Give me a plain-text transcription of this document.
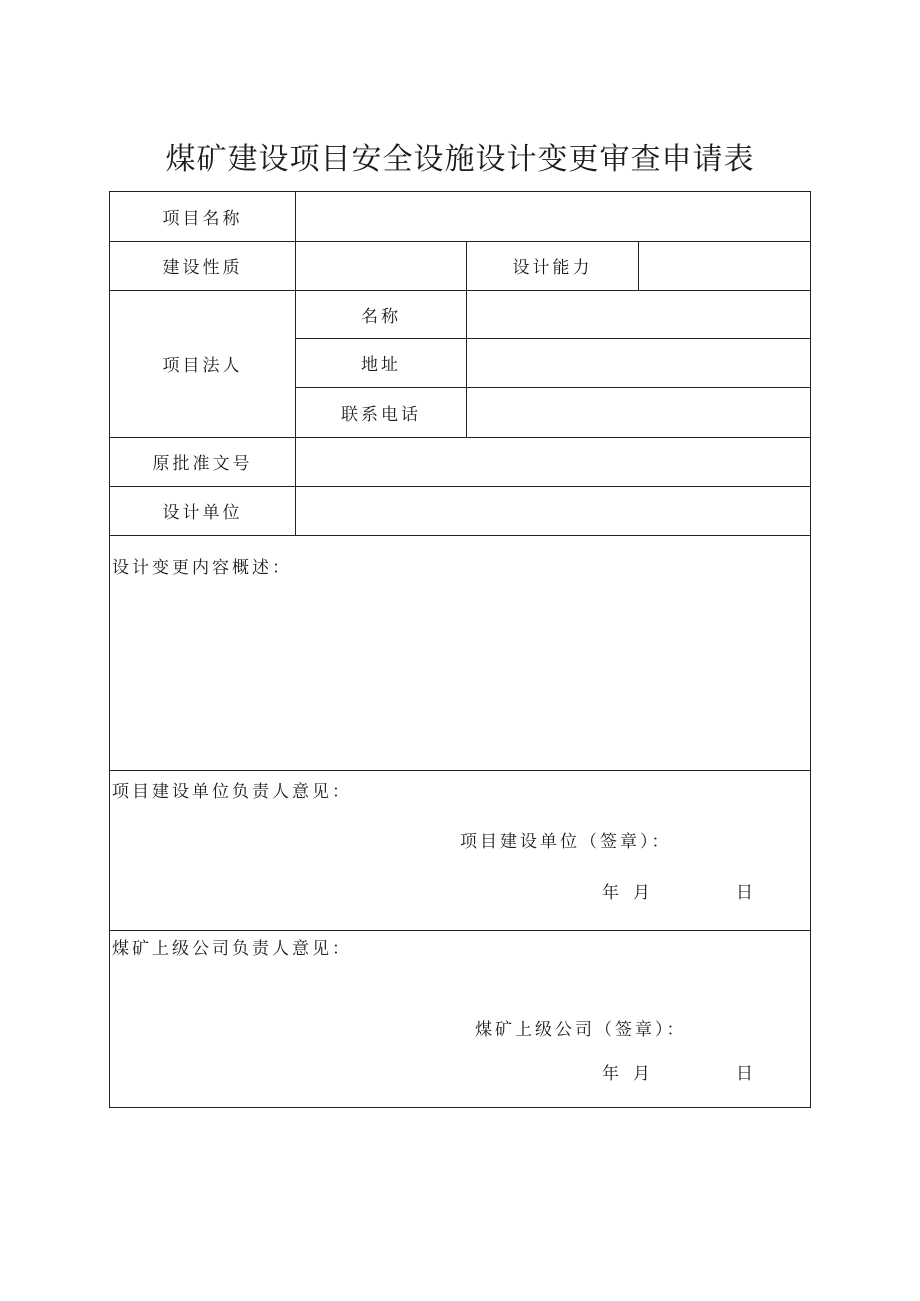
煤矿建设项目安全设施设计变更审查申请表
项目名称
建设性质	设计能力
项目法人
名称
地址
联系电话
原批准文号
设计单位
设计变更内容概述：
项目建设单位负责人意见：
项目建设单位（签章）：
年 月	日
煤矿上级公司负责人意见：
煤矿上级公司（签章）：
年 月	日
